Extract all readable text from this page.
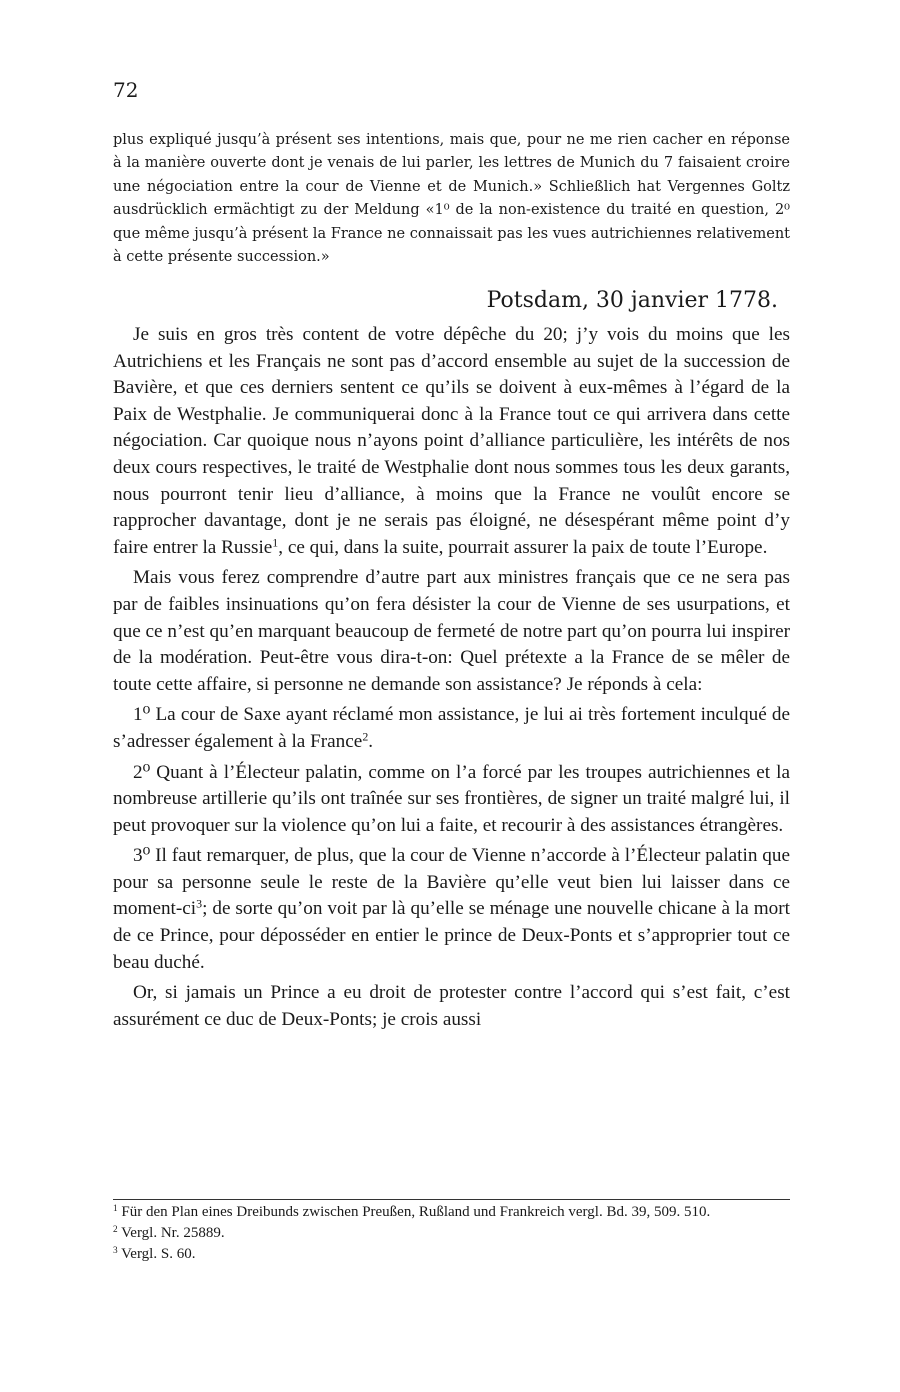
72
plus expliqué jusqu’à présent ses intentions, mais que, pour ne me rien cacher en réponse à la manière ouverte dont je venais de lui parler, les lettres de Munich du 7 faisaient croire une négociation entre la cour de Vienne et de Munich.» Schließlich hat Vergennes Goltz ausdrücklich ermächtigt zu der Meldung «1⁰ de la non-existence du traité en question, 2⁰ que même jusqu’à présent la France ne connaissait pas les vues autrichiennes relativement à cette présente succession.»
Potsdam, 30 janvier 1778.

Je suis en gros très content de votre dépêche du 20; j’y vois du moins que les Autrichiens et les Français ne sont pas d’accord ensemble au sujet de la succession de Bavière, et que ces derniers sentent ce qu’ils se doivent à eux-mêmes à l’égard de la Paix de Westphalie. Je communiquerai donc à la France tout ce qui arrivera dans cette négociation. Car quoique nous n’ayons point d’alliance particulière, les intérêts de nos deux cours respectives, le traité de Westphalie dont nous sommes tous les deux garants, nous pourront tenir lieu d’alliance, à moins que la France ne voulût encore se rapprocher davantage, dont je ne serais pas éloigné, ne désespérant même point d’y faire entrer la Russie$^1$, ce qui, dans la suite, pourrait assurer la paix de toute l’Europe.

Mais vous ferez comprendre d’autre part aux ministres français que ce ne sera pas par de faibles insinuations qu’on fera désister la cour de Vienne de ses usurpations, et que ce n’est qu’en marquant beaucoup de fermeté de notre part qu’on pourra lui inspirer de la modération. Peut-être vous dira-t-on: Quel prétexte a la France de se mêler de toute cette affaire, si personne ne demande son assistance? Je réponds à cela:

1⁰ La cour de Saxe ayant réclamé mon assistance, je lui ai très fortement inculqué de s’adresser également à la France$^2$.

2⁰ Quant à l’Électeur palatin, comme on l’a forcé par les troupes autrichiennes et la nombreuse artillerie qu’ils ont traînée sur ses frontières, de signer un traité malgré lui, il peut provoquer sur la violence qu’on lui a faite, et recourir à des assistances étrangères.

3⁰ Il faut remarquer, de plus, que la cour de Vienne n’accorde à l’Électeur palatin que pour sa personne seule le reste de la Bavière qu’elle veut bien lui laisser dans ce moment-$ci^3$; de sorte qu’on voit par là qu’elle se ménage une nouvelle chicane à la mort de ce Prince, pour déposséder en entier le prince de Deux-Ponts et s’approprier tout ce beau duché.

Or, si jamais un Prince a eu droit de protester contre l’accord qui s’est fait, c’est assurément ce duc de Deux-Ponts; je crois aussi

$^1$ Für den Plan eines Dreibunds zwischen Preußen, Rußland und Frankreich vergl. Bd. 39, 509. 510.

$^2$ Vergl. Nr. 25889.

$^3$ Vergl. S. 60.
